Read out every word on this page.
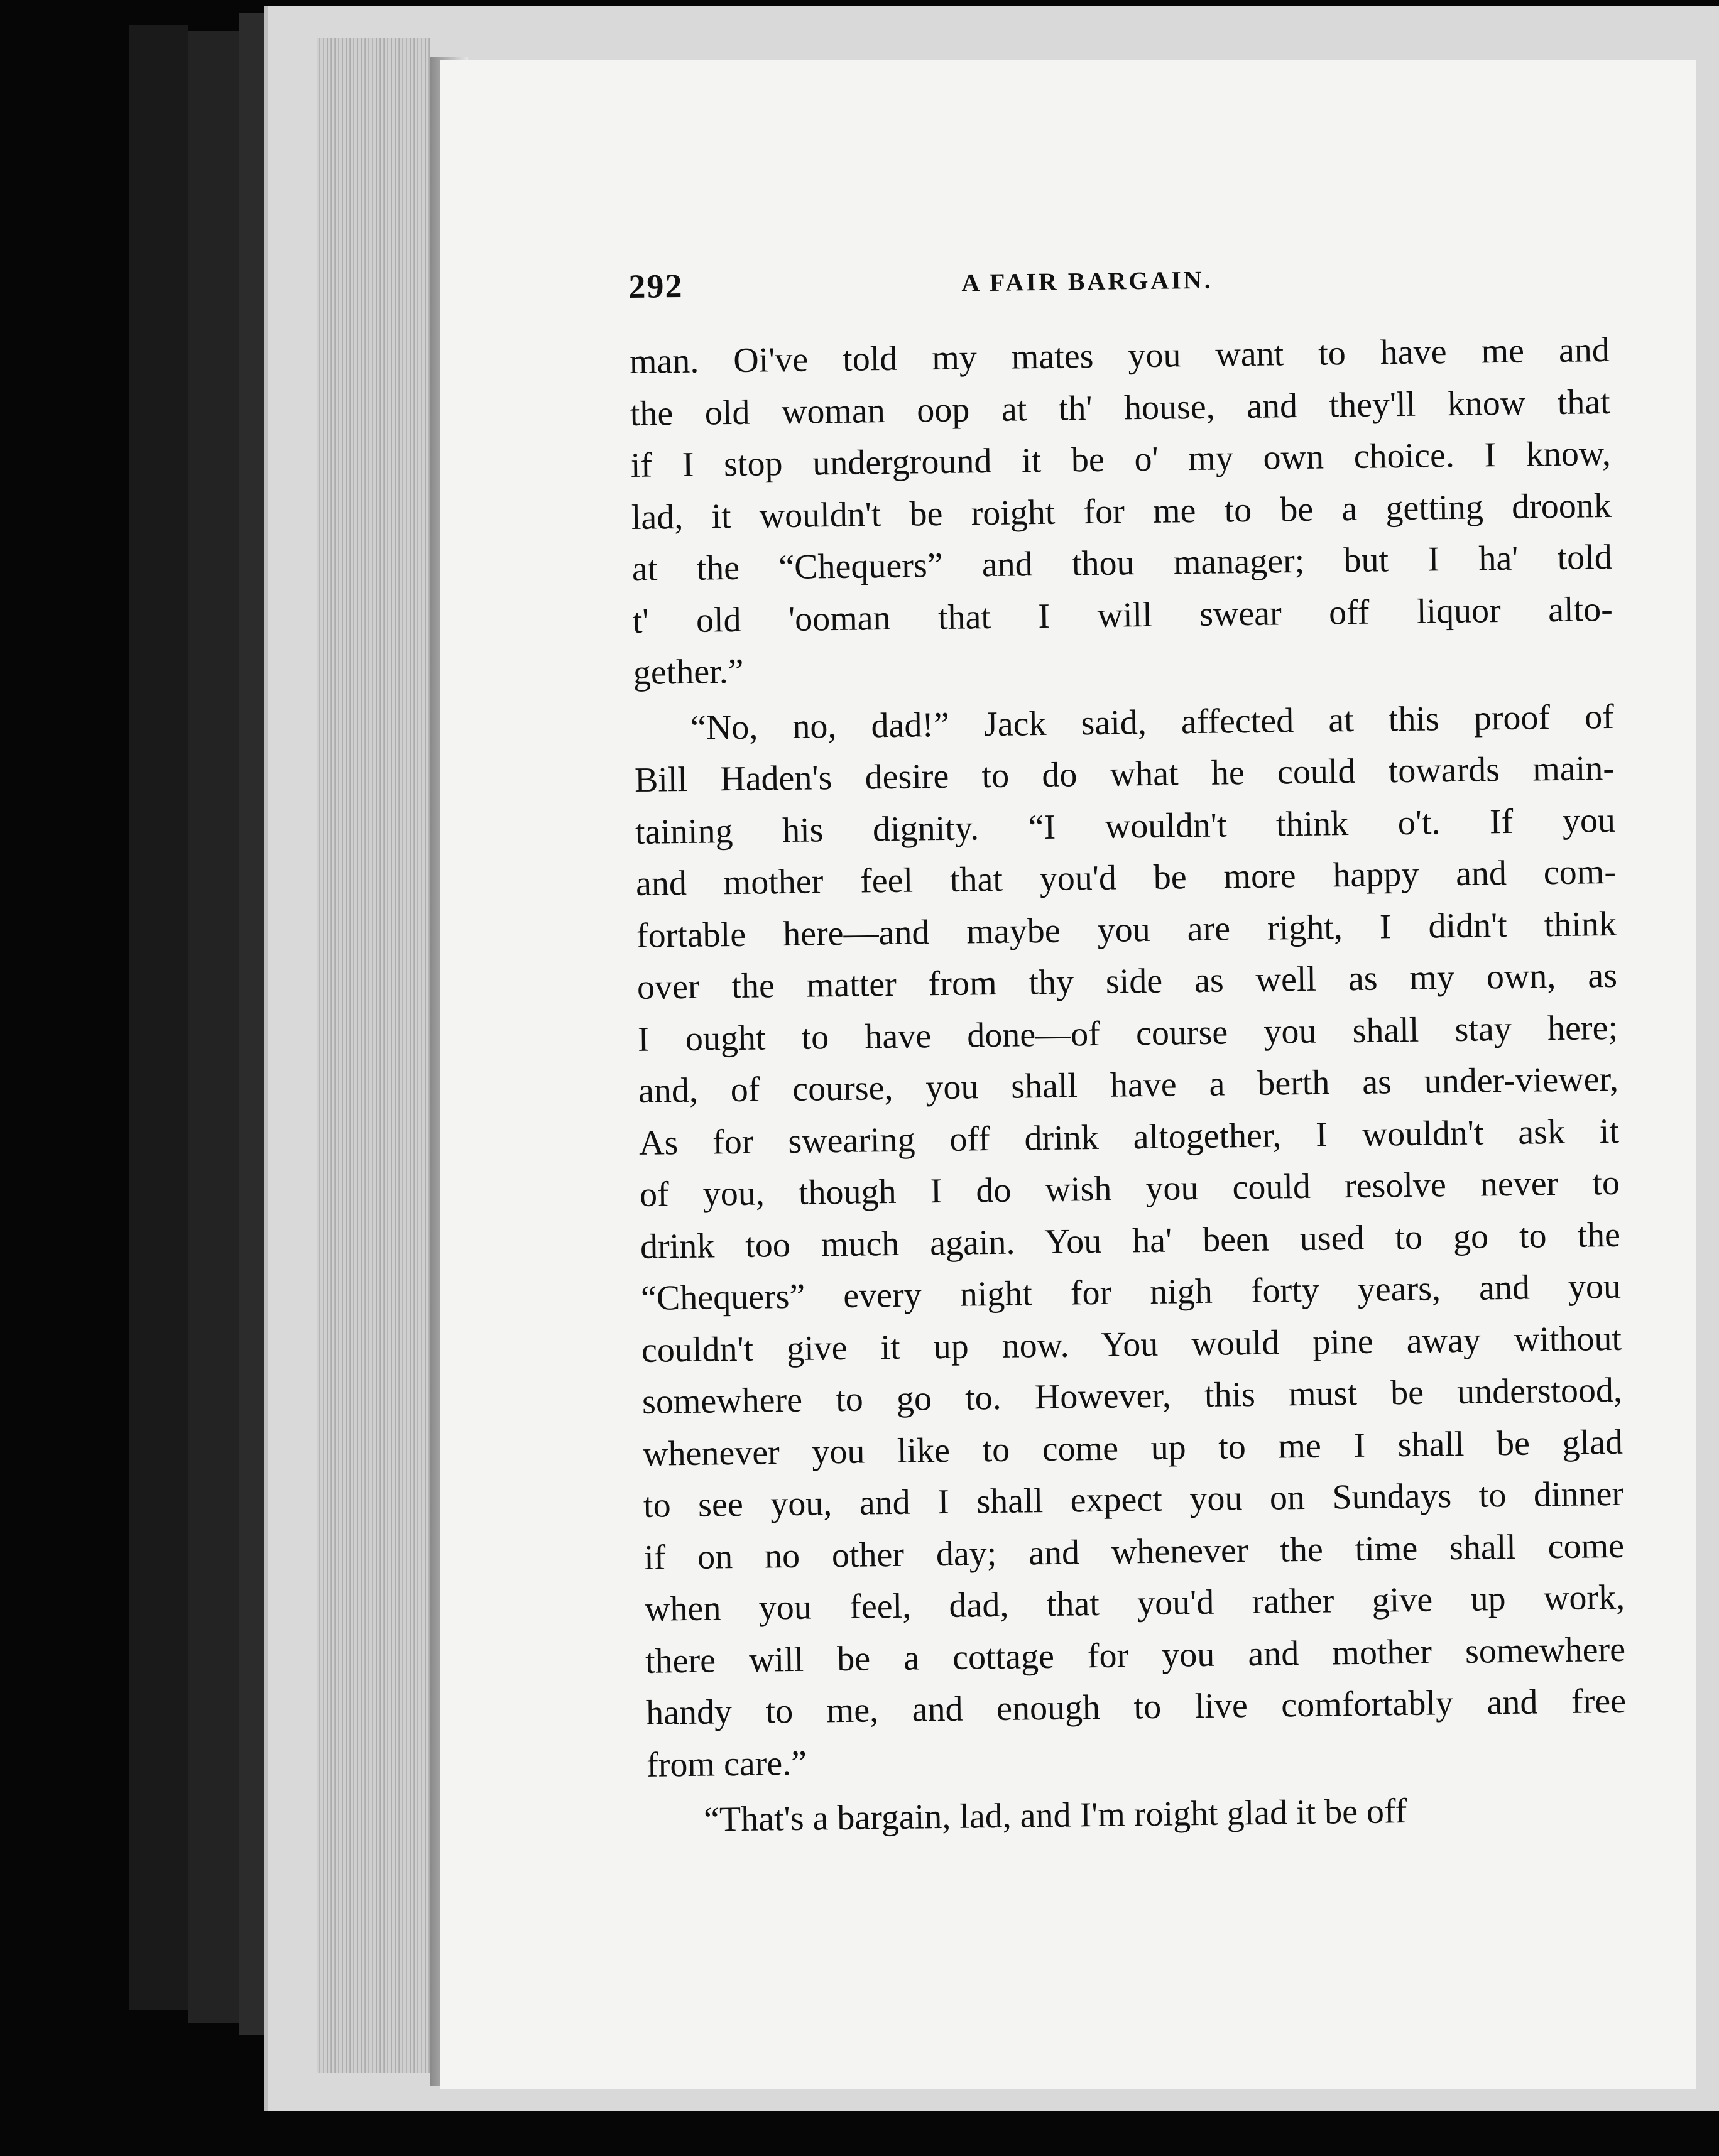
292	A FAIR BARGAIN.
man. Oi've told my mates you want to have me and
the old woman oop at th' house, and they'll know that
if I stop underground it be o' my own choice. I know,
lad, it wouldn't be roight for me to be a getting droonk
at the “Chequers” and thou manager; but I ha' told
t' old 'ooman that I will swear off liquor alto-
gether.”
“No, no, dad!” Jack said, affected at this proof of
Bill Haden's desire to do what he could towards main-
taining his dignity. “I wouldn't think o't. If you
and mother feel that you'd be more happy and com-
fortable here—and maybe you are right, I didn't think
over the matter from thy side as well as my own, as
I ought to have done—of course you shall stay here;
and, of course, you shall have a berth as under-viewer,
As for swearing off drink altogether, I wouldn't ask it
of you, though I do wish you could resolve never to
drink too much again. You ha' been used to go to the
“Chequers” every night for nigh forty years, and you
couldn't give it up now. You would pine away without
somewhere to go to. However, this must be understood,
whenever you like to come up to me I shall be glad
to see you, and I shall expect you on Sundays to dinner
if on no other day; and whenever the time shall come
when you feel, dad, that you'd rather give up work,
there will be a cottage for you and mother somewhere
handy to me, and enough to live comfortably and free
from care.”
“That's a bargain, lad, and I'm roight glad it be off
